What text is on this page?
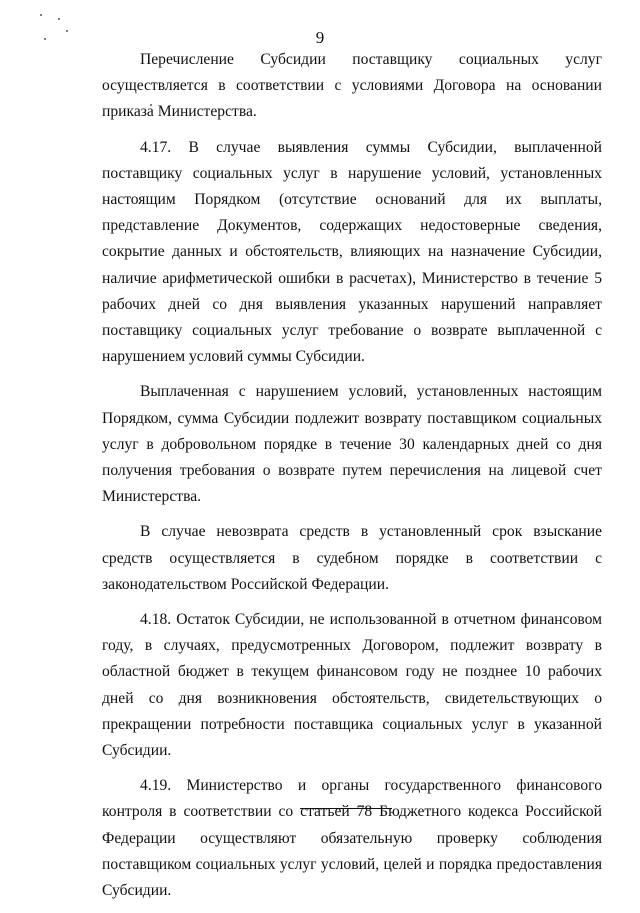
9

Перечисление Субсидии поставщику социальных услуг осуществляется в соответствии с условиями Договора на основании приказа Министерства.

4.17. В случае выявления суммы Субсидии, выплаченной поставщику социальных услуг в нарушение условий, установленных настоящим Порядком (отсутствие оснований для их выплаты, представление Документов, содержащих недостоверные сведения, сокрытие данных и обстоятельств, влияющих на назначение Субсидии, наличие арифметической ошибки в расчетах), Министерство в течение 5 рабочих дней со дня выявления указанных нарушений направляет поставщику социальных услуг требование о возврате выплаченной с нарушением условий суммы Субсидии.

Выплаченная с нарушением условий, установленных настоящим Порядком, сумма Субсидии подлежит возврату поставщиком социальных услуг в добровольном порядке в течение 30 календарных дней со дня получения требования о возврате путем перечисления на лицевой счет Министерства.

В случае невозврата средств в установленный срок взыскание средств осуществляется в судебном порядке в соответствии с законодательством Российской Федерации.

4.18. Остаток Субсидии, не использованной в отчетном финансовом году, в случаях, предусмотренных Договором, подлежит возврату в областной бюджет в текущем финансовом году не позднее 10 рабочих дней со дня возникновения обстоятельств, свидетельствующих о прекращении потребности поставщика социальных услуг в указанной Субсидии.

4.19. Министерство и органы государственного финансового контроля в соответствии со статьей 78 Бюджетного кодекса Российской Федерации осуществляют обязательную проверку соблюдения поставщиком социальных услуг условий, целей и порядка предоставления Субсидии.
